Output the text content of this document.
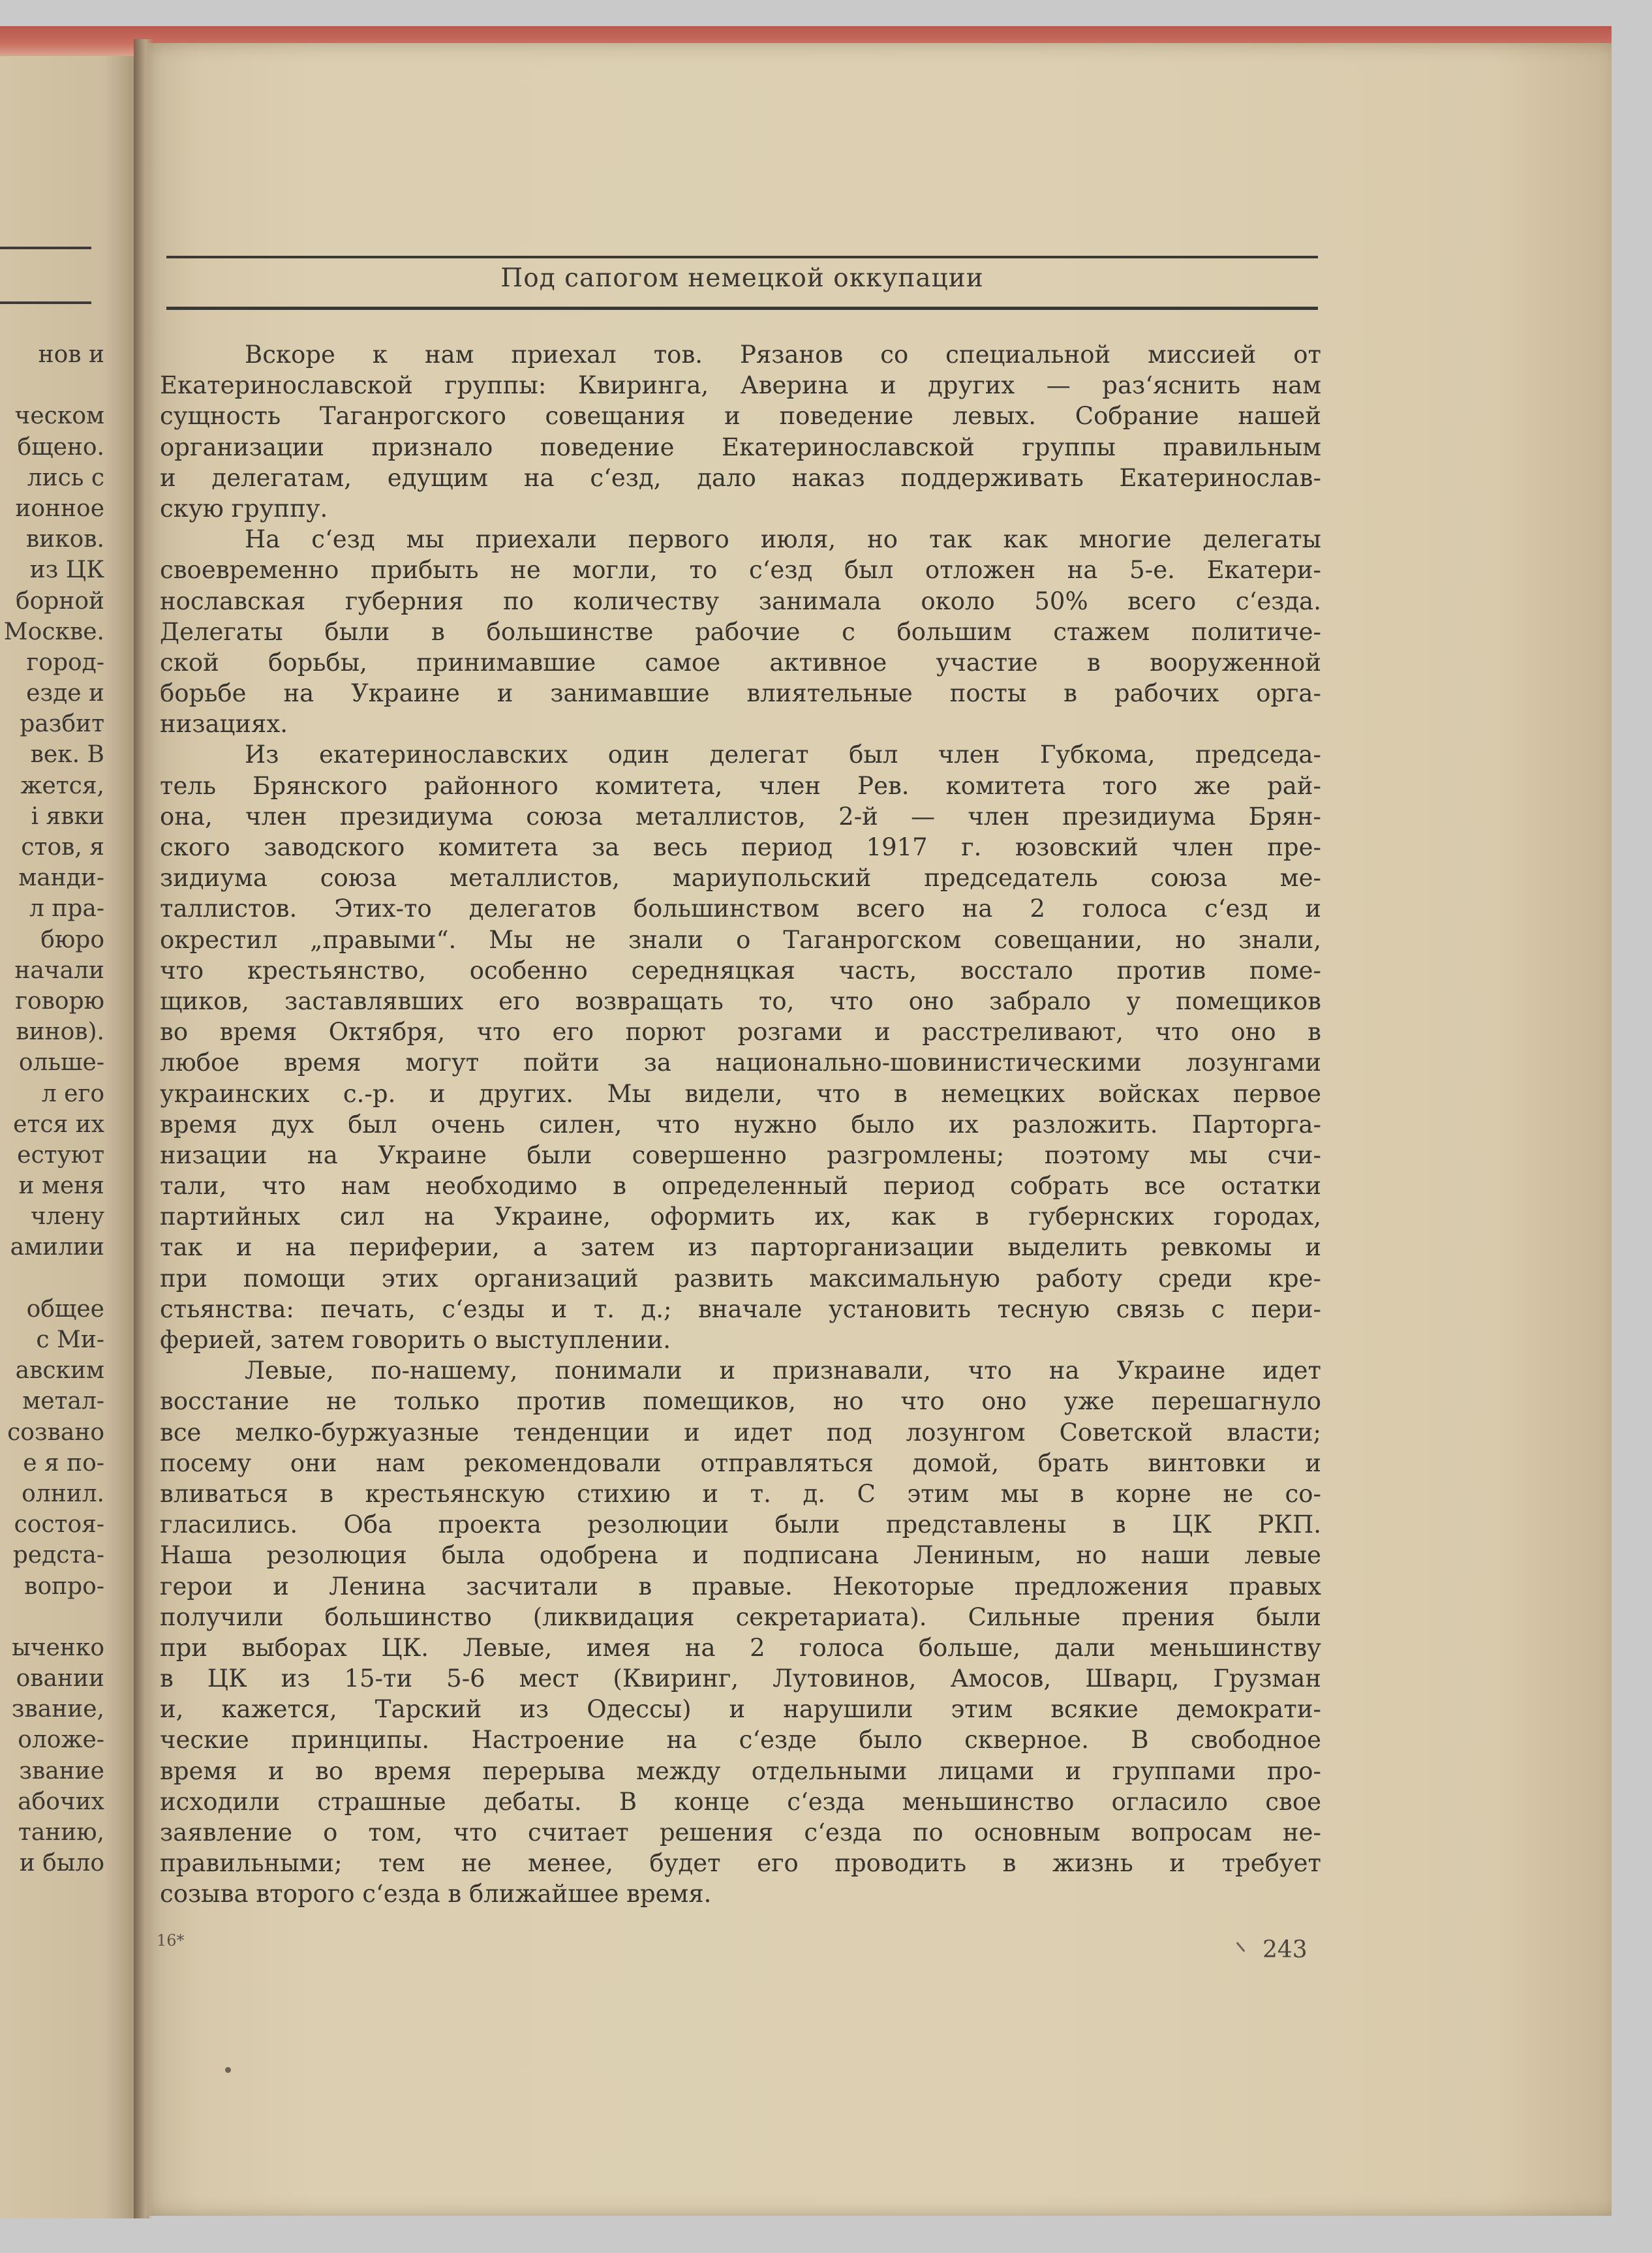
нов и
ческом
бщено.
лись с
ионное
виков.
из ЦК
борной
Москве.
город-
езде и
разбит
век. В
жется,
і явки
стов, я
манди-
л пра-
бюро
начали
говорю
винов).
ольше-
л его
ется их
естуют
и меня
члену
амилии
общее
с Ми-
авским
метал-
созвано
е я по-
олнил.
состоя-
редста-
вопро-
ыченко
овании
звание,
оложе-
звание
абочих
танию,
и было
Под сапогом немецкой оккупации
Вскоре к нам приехал тов. Рязанов со специальной миссией от
Екатеринославской группы: Квиринга, Аверина и других — раз‘яснить нам
сущность Таганрогского совещания и поведение левых. Собрание нашей
организации признало поведение Екатеринославской группы правильным
и делегатам, едущим на с‘езд, дало наказ поддерживать Екатеринослав-
скую группу.
На с‘езд мы приехали первого июля, но так как многие делегаты
своевременно прибыть не могли, то с‘езд был отложен на 5-е. Екатери-
нославская губерния по количеству занимала около 50% всего с‘езда.
Делегаты были в большинстве рабочие с большим стажем политиче-
ской борьбы, принимавшие самое активное участие в вооруженной
борьбе на Украине и занимавшие влиятельные посты в рабочих орга-
низациях.
Из екатеринославских один делегат был член Губкома, председа-
тель Брянского районного комитета, член Рев. комитета того же рай-
она, член президиума союза металлистов, 2-й — член президиума Брян-
ского заводского комитета за весь период 1917 г. юзовский член пре-
зидиума союза металлистов, мариупольский председатель союза ме-
таллистов. Этих-то делегатов большинством всего на 2 голоса с‘езд и
окрестил „правыми“. Мы не знали о Таганрогском совещании, но знали,
что крестьянство, особенно середняцкая часть, восстало против поме-
щиков, заставлявших его возвращать то, что оно забрало у помещиков
во время Октября, что его порют розгами и расстреливают, что оно в
любое время могут пойти за национально-шовинистическими лозунгами
украинских с.-р. и других. Мы видели, что в немецких войсках первое
время дух был очень силен, что нужно было их разложить. Парторга-
низации на Украине были совершенно разгромлены; поэтому мы счи-
тали, что нам необходимо в определенный период собрать все остатки
партийных сил на Украине, оформить их, как в губернских городах,
так и на периферии, а затем из парторганизации выделить ревкомы и
при помощи этих организаций развить максимальную работу среди кре-
стьянства: печать, с‘езды и т. д.; вначале установить тесную связь с пери-
ферией, затем говорить о выступлении.
Левые, по-нашему, понимали и признавали, что на Украине идет
восстание не только против помещиков, но что оно уже перешагнуло
все мелко-буржуазные тенденции и идет под лозунгом Советской власти;
посему они нам рекомендовали отправляться домой, брать винтовки и
вливаться в крестьянскую стихию и т. д. С этим мы в корне не со-
гласились. Оба проекта резолюции были представлены в ЦК РКП.
Наша резолюция была одобрена и подписана Лениным, но наши левые
герои и Ленина засчитали в правые. Некоторые предложения правых
получили большинство (ликвидация секретариата). Сильные прения были
при выборах ЦК. Левые, имея на 2 голоса больше, дали меньшинству
в ЦК из 15-ти 5-6 мест (Квиринг, Лутовинов, Амосов, Шварц, Грузман
и, кажется, Тарский из Одессы) и нарушили этим всякие демократи-
ческие принципы. Настроение на с‘езде было скверное. В свободное
время и во время перерыва между отдельными лицами и группами про-
исходили страшные дебаты. В конце с‘езда меньшинство огласило свое
заявление о том, что считает решения с‘езда по основным вопросам не-
правильными; тем не менее, будет его проводить в жизнь и требует
созыва второго с‘езда в ближайшее время.
16*	243
